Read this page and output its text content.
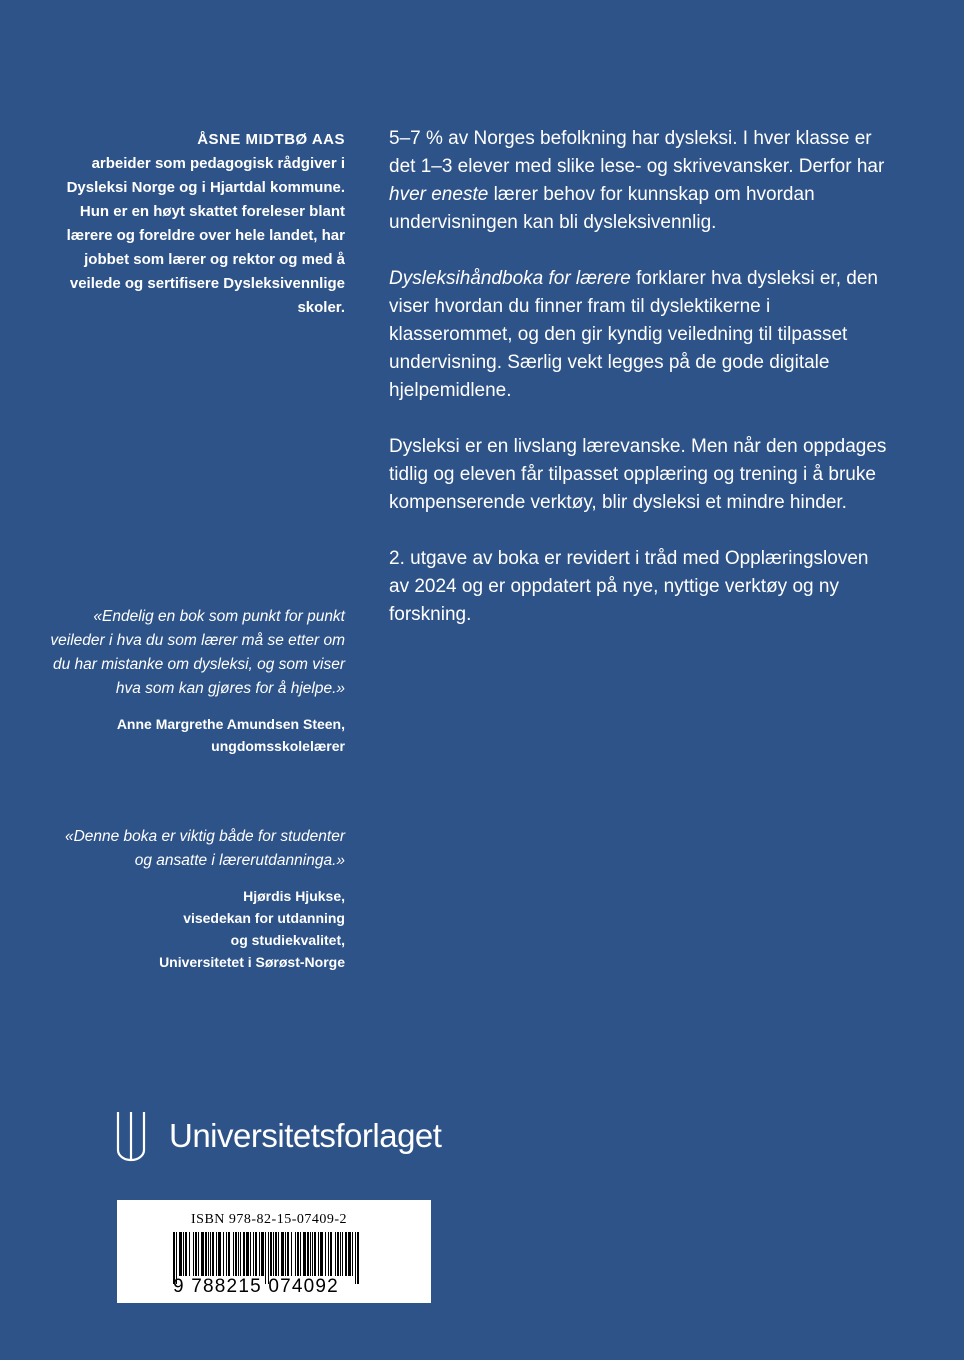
ÅSNE MIDTBØ AAS
arbeider som pedagogisk rådgiver i Dysleksi Norge og i Hjartdal kommune. Hun er en høyt skattet foreleser blant lærere og foreldre over hele landet, har jobbet som lærer og rektor og med å veilede og sertifisere Dysleksivennlige skoler.

5–7 % av Norges befolkning har dysleksi. I hver klasse er det 1–3 elever med slike lese- og skrivevansker. Derfor har hver eneste lærer behov for kunnskap om hvordan undervisningen kan bli dysleksivennlig.

Dysleksihåndboka for lærere forklarer hva dysleksi er, den viser hvordan du finner fram til dyslektikerne i klasserommet, og den gir kyndig veiledning til tilpasset undervisning. Særlig vekt legges på de gode digitale hjelpemidlene.

Dysleksi er en livslang lærevanske. Men når den oppdages tidlig og eleven får tilpasset opplæring og trening i å bruke kompenserende verktøy, blir dysleksi et mindre hinder.

2. utgave av boka er revidert i tråd med Opplæringsloven av 2024 og er oppdatert på nye, nyttige verktøy og ny forskning.

«Endelig en bok som punkt for punkt veileder i hva du som lærer må se etter om du har mistanke om dysleksi, og som viser hva som kan gjøres for å hjelpe.»
Anne Margrethe Amundsen Steen,
ungdomsskolelærer
«Denne boka er viktig både for studenter og ansatte i lærerutdanninga.»
Hjørdis Hjukse,
visedekan for utdanning
og studiekvalitet,
Universitetet i Sørøst-Norge
Universitetsforlaget
ISBN 978-82-15-07409-2
9 788215 074092
